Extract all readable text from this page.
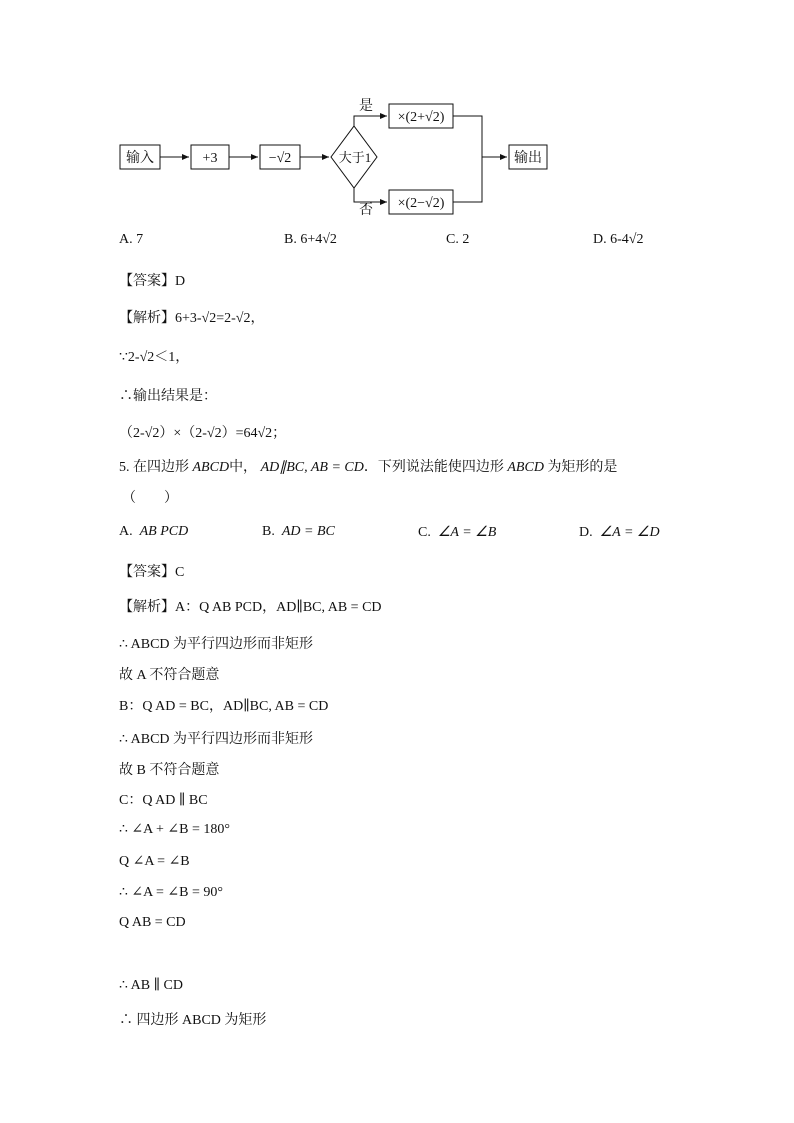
输入	+3	−√2	大于1
是
否
×(2+√2)
×(2−√2)
输出
A. 7	B. 6+4√2	C. 2	D. 6-4√2
【答案】D
【解析】6+3-√2=2-√2，
∵2-√2＜1，
∴输出结果是：
（2-√2）×（2-√2）=64√2；
5. 在四边形 ABCD中， AD∥BC, AB = CD．下列说法能使四边形 ABCD 为矩形的是
（　　）
A. AB PCD	B. AD = BC	C. ∠A = ∠B	D. ∠A = ∠D
【答案】C
【解析】A：Q AB PCD，AD∥BC, AB = CD
∴ ABCD 为平行四边形而非矩形
故 A 不符合题意
B：Q AD = BC，AD∥BC, AB = CD
∴ ABCD 为平行四边形而非矩形
故 B 不符合题意
C：Q AD ∥ BC
∴ ∠A + ∠B = 180°
Q ∠A = ∠B
∴ ∠A = ∠B = 90°
Q AB = CD
∴ AB ∥ CD
∴ 四边形 ABCD 为矩形
